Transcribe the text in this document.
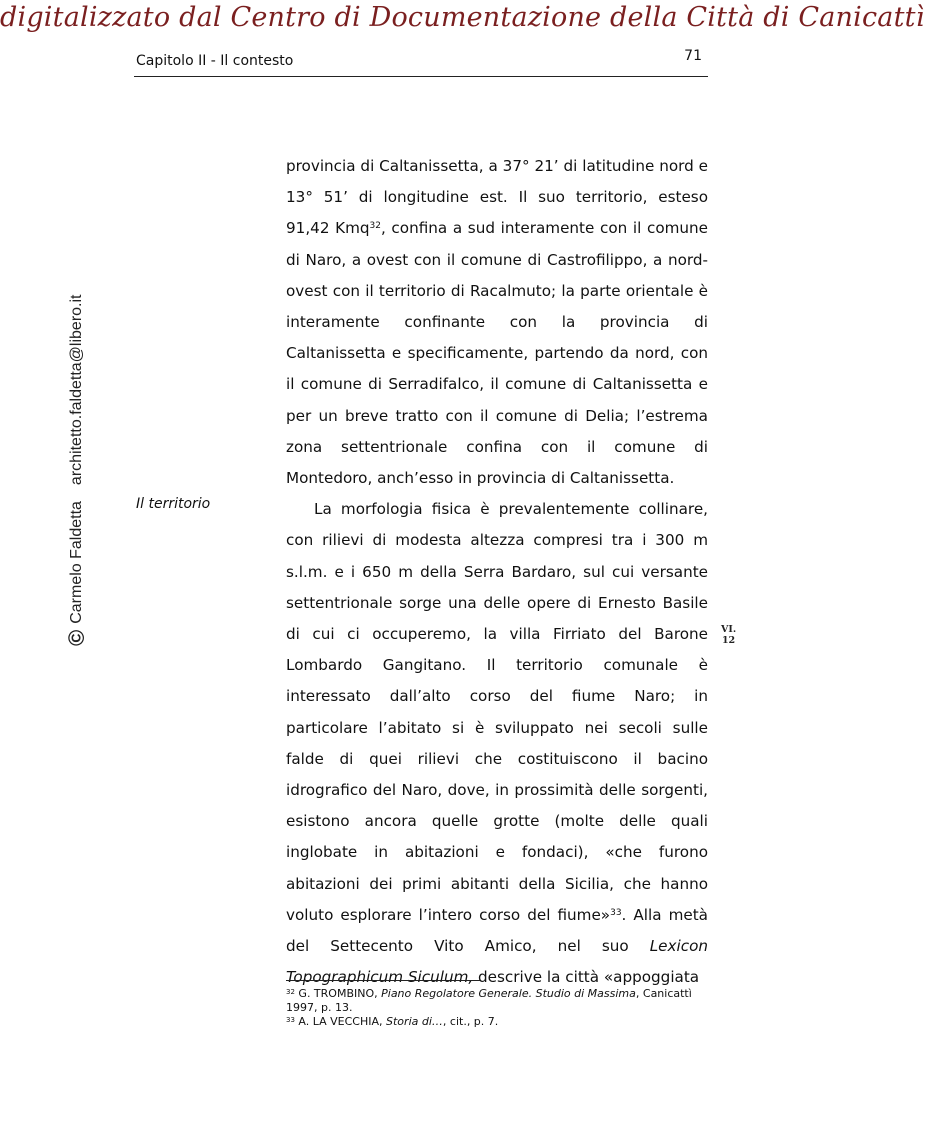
digitalizzato dal Centro di Documentazione della Città di Canicattì
Capitolo II - Il contesto	71
©
Carmelo Faldetta
architetto.faldetta@libero.it
Il territorio
VI.
12

provincia di Caltanissetta, a 37° 21’ di latitudine nord e 13° 51’ di longitudine est. Il suo territorio, esteso 91,42 Kmq$^{32}$, confina a sud interamente con il comune di Naro, a ovest con il comune di Castrofilippo, a nord-ovest con il territorio di Racalmuto; la parte orientale è interamente confinante con la provincia di Caltanissetta e specificamente, partendo da nord, con il comune di Serradifalco, il comune di Caltanissetta e per un breve tratto con il comune di Delia; l’estrema zona settentrionale confina con il comune di Montedoro, anch’esso in provincia di Caltanissetta.

La morfologia fisica è prevalentemente collinare, con rilievi di modesta altezza compresi tra i 300 m s.l.m. e i 650 m della Serra Bardaro, sul cui versante settentrionale sorge una delle opere di Ernesto Basile di cui ci occuperemo, la villa Firriato del Barone Lombardo Gangitano. Il territorio comunale è interessato dall’alto corso del fiume Naro; in particolare l’abitato si è sviluppato nei secoli sulle falde di quei rilievi che costituiscono il bacino idrografico del Naro, dove, in prossimità delle sorgenti, esistono ancora quelle grotte (molte delle quali inglobate in abitazioni e fondaci), «che furono abitazioni dei primi abitanti della Sicilia, che hanno voluto esplorare l’intero corso del fiume»$^{33}$. Alla metà del Settecento Vito Amico, nel suo Lexicon Topographicum Siculum, descrive la città «appoggiata

$^{32}$ G. TROMBINO, Piano Regolatore Generale. Studio di Massima, Canicattì 1997, p. 13.

$^{33}$ A. LA VECCHIA, Storia di…, cit., p. 7.
